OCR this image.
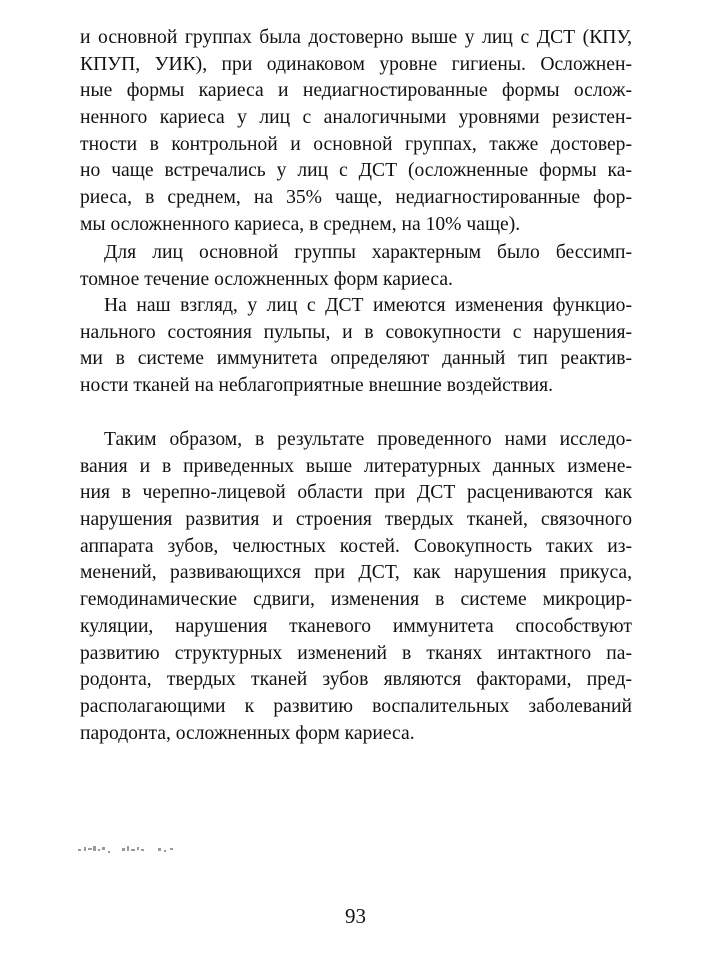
и основной группах была достоверно выше у лиц с ДСТ (КПУ,
КПУП, УИК), при одинаковом уровне гигиены. Осложнен-
ные формы кариеса и недиагностированные формы ослож-
ненного кариеса у лиц с аналогичными уровнями резистен-
тности в контрольной и основной группах, также достовер-
но чаще встречались у лиц с ДСТ (осложненные формы ка-
риеса, в среднем, на 35% чаще, недиагностированные фор-
мы осложненного кариеса, в среднем, на 10% чаще).
Для лиц основной группы характерным было бессимп-
томное течение осложненных форм кариеса.
На наш взгляд, у лиц с ДСТ имеются изменения функцио-
нального состояния пульпы, и в совокупности с нарушения-
ми в системе иммунитета определяют данный тип реактив-
ности тканей на неблагоприятные внешние воздействия.
Таким образом, в результате проведенного нами исследо-
вания и в приведенных выше литературных данных измене-
ния в черепно-лицевой области при ДСТ расцениваются как
нарушения развития и строения твердых тканей, связочного
аппарата зубов, челюстных костей. Совокупность таких из-
менений, развивающихся при ДСТ, как нарушения прикуса,
гемодинамические сдвиги, изменения в системе микроцир-
куляции, нарушения тканевого иммунитета способствуют
развитию структурных изменений в тканях интактного па-
родонта, твердых тканей зубов являются факторами, пред-
располагающими к развитию воспалительных заболеваний
пародонта, осложненных форм кариеса.
93
